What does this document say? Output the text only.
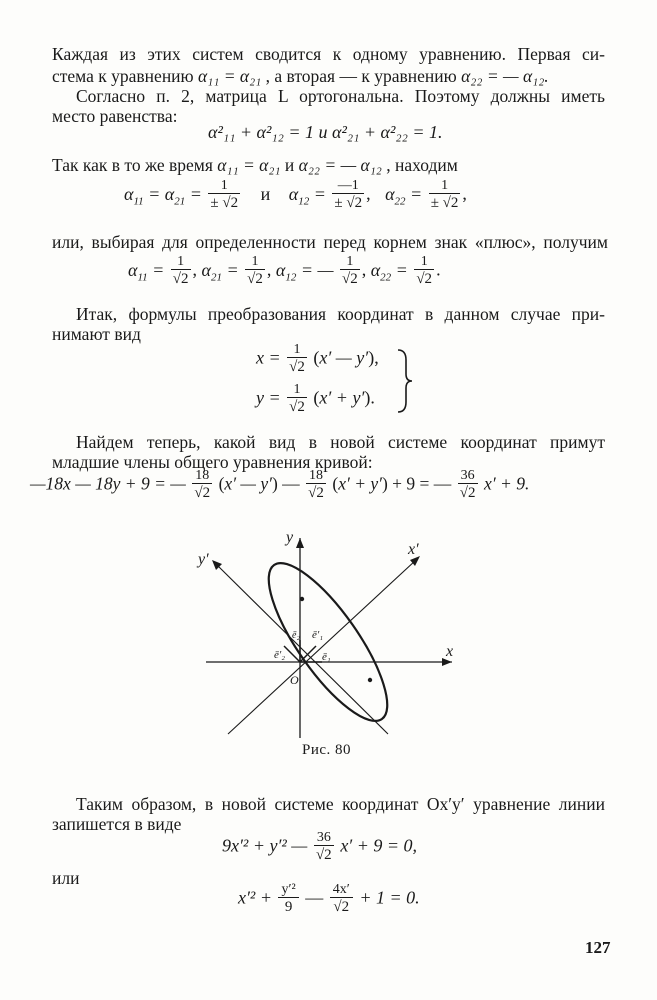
Каждая из этих систем сводится к одному уравнению. Первая си-
стема к уравнению α₁₁ = α₂₁ , а вторая — к уравнению α₂₂ = — α₁₂.
Согласно п. 2, матрица L ортогональна. Поэтому должны иметь
место равенства:
α²₁₁ + α²₁₂ = 1 и α²₂₁ + α²₂₂ = 1.
Так как в то же время α₁₁ = α₂₁ и α₂₂ = — α₁₂ , находим
$\alpha_{11} = \alpha_{21} = \frac{1}{\pm √2}$ и $\alpha_{12} = \frac{—1}{\pm √2}$ , $\alpha_{22} = \frac{1}{\pm √2}$ ,
или, выбирая для определенности перед корнем знак «плюс», получим
$\alpha_{11} = \frac{1}{√2}$ , $\alpha_{21} = \frac{1}{√2}$ , $\alpha_{12}$ = — $\frac{1}{√2}$ , $\alpha_{22} = \frac{1}{√2}$ .
Итак, формулы преобразования координат в данном случае при-
нимают вид
$x = \frac{1}{√2} (x'$ — y′),
$y = \frac{1}{√2} (x' + y')$.
Найдем теперь, какой вид в новой системе координат примут
младшие члены общего уравнения кривой:
—18x — 18y + 9 = — $\frac{18}{√2} (x'$ — y′) — $\frac{18}{√2} (x' + y') + 9$ = — $\frac{36}{√2} x' + 9$.
y
x
y′
x′
O
ē₁
ē₂ ē′₁
ē′₂
Рис. 80
Таким образом, в новой системе координат Ox′y′ уравнение линии
запишется в виде
9x′² + y′² — $\frac{36}{√2} x' + 9 = 0$,
или
$x'^2 + \frac{\text{y′²}}{9}$ — $\frac{4x'}{√2} + 1 = 0$.
127
